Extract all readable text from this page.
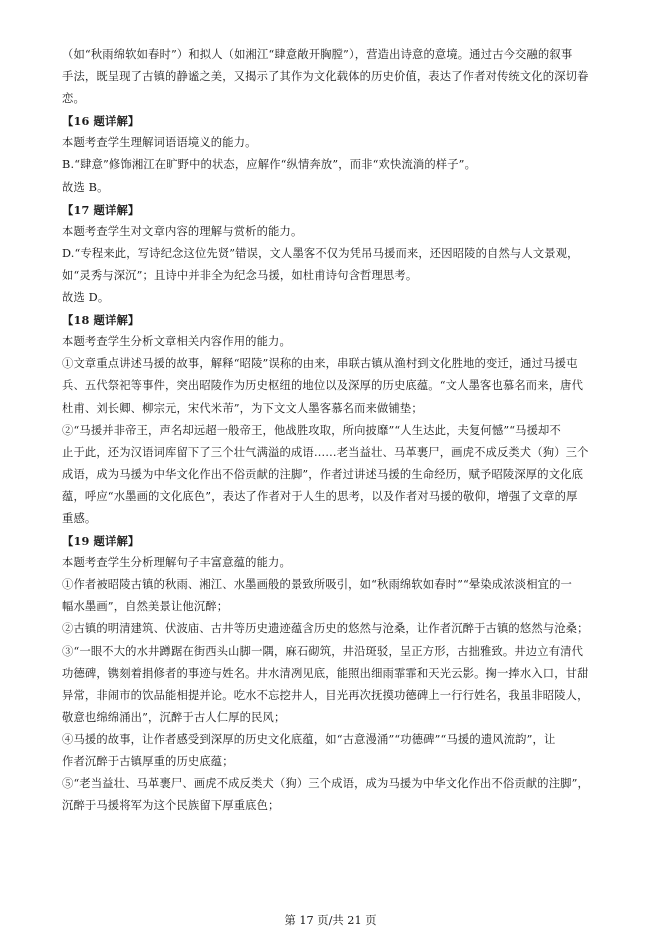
（如“秋雨绵软如春时”）和拟人（如湘江“肆意敞开胸膛”），营造出诗意的意境。通过古今交融的叙事

手法，既呈现了古镇的静谧之美，又揭示了其作为文化载体的历史价值，表达了作者对传统文化的深切眷

恋。

【16 题详解】

本题考查学生理解词语语境义的能力。

B.“肆意”修饰湘江在旷野中的状态，应解作“纵情奔放”，而非“欢快流淌的样子”。

故选 B。

【17 题详解】

本题考查学生对文章内容的理解与赏析的能力。

D.“专程来此，写诗纪念这位先贤”错误，文人墨客不仅为凭吊马援而来，还因昭陵的自然与人文景观，

如“灵秀与深沉”；且诗中并非全为纪念马援，如杜甫诗句含哲理思考。

故选 D。

【18 题详解】

本题考查学生分析文章相关内容作用的能力。

①文章重点讲述马援的故事，解释“昭陵”误称的由来，串联古镇从渔村到文化胜地的变迁，通过马援屯

兵、五代祭祀等事件，突出昭陵作为历史枢纽的地位以及深厚的历史底蕴。“文人墨客也慕名而来，唐代

杜甫、刘长卿、柳宗元，宋代米芾”，为下文文人墨客慕名而来做铺垫；

②“马援并非帝王，声名却远超一般帝王，他战胜攻取，所向披靡”“人生达此，夫复何憾”“马援却不

止于此，还为汉语词库留下了三个壮气满溢的成语……老当益壮、马革裹尸，画虎不成反类犬（狗）三个

成语，成为马援为中华文化作出不俗贡献的注脚”，作者过讲述马援的生命经历，赋予昭陵深厚的文化底

蕴，呼应“水墨画的文化底色”，表达了作者对于人生的思考，以及作者对马援的敬仰，增强了文章的厚

重感。

【19 题详解】

本题考查学生分析理解句子丰富意蕴的能力。

①作者被昭陵古镇的秋雨、湘江、水墨画般的景致所吸引，如“秋雨绵软如春时”“晕染成浓淡相宜的一

幅水墨画”，自然美景让他沉醉；

②古镇的明清建筑、伏波庙、古井等历史遗迹蕴含历史的悠然与沧桑，让作者沉醉于古镇的悠然与沧桑；

③“一眼不大的水井蹲踞在街西头山脚一隅，麻石砌筑，井沿斑驳，呈正方形，古拙雅致。井边立有清代

功德碑，镌刻着捐修者的事迹与姓名。井水清冽见底，能照出细雨霏霏和天光云影。掬一捧水入口，甘甜

异常，非闹市的饮品能相提并论。吃水不忘挖井人，目光再次抚摸功德碑上一行行姓名，我虽非昭陵人，

敬意也绵绵涌出”，沉醉于古人仁厚的民风；

④马援的故事，让作者感受到深厚的历史文化底蕴，如“古意漫涌”“功德碑”“马援的遗风流韵”，让

作者沉醉于古镇厚重的历史底蕴；

⑤“老当益壮、马革裹尸、画虎不成反类犬（狗）三个成语，成为马援为中华文化作出不俗贡献的注脚”，

沉醉于马援将军为这个民族留下厚重底色；

第 17 页/共 21 页
